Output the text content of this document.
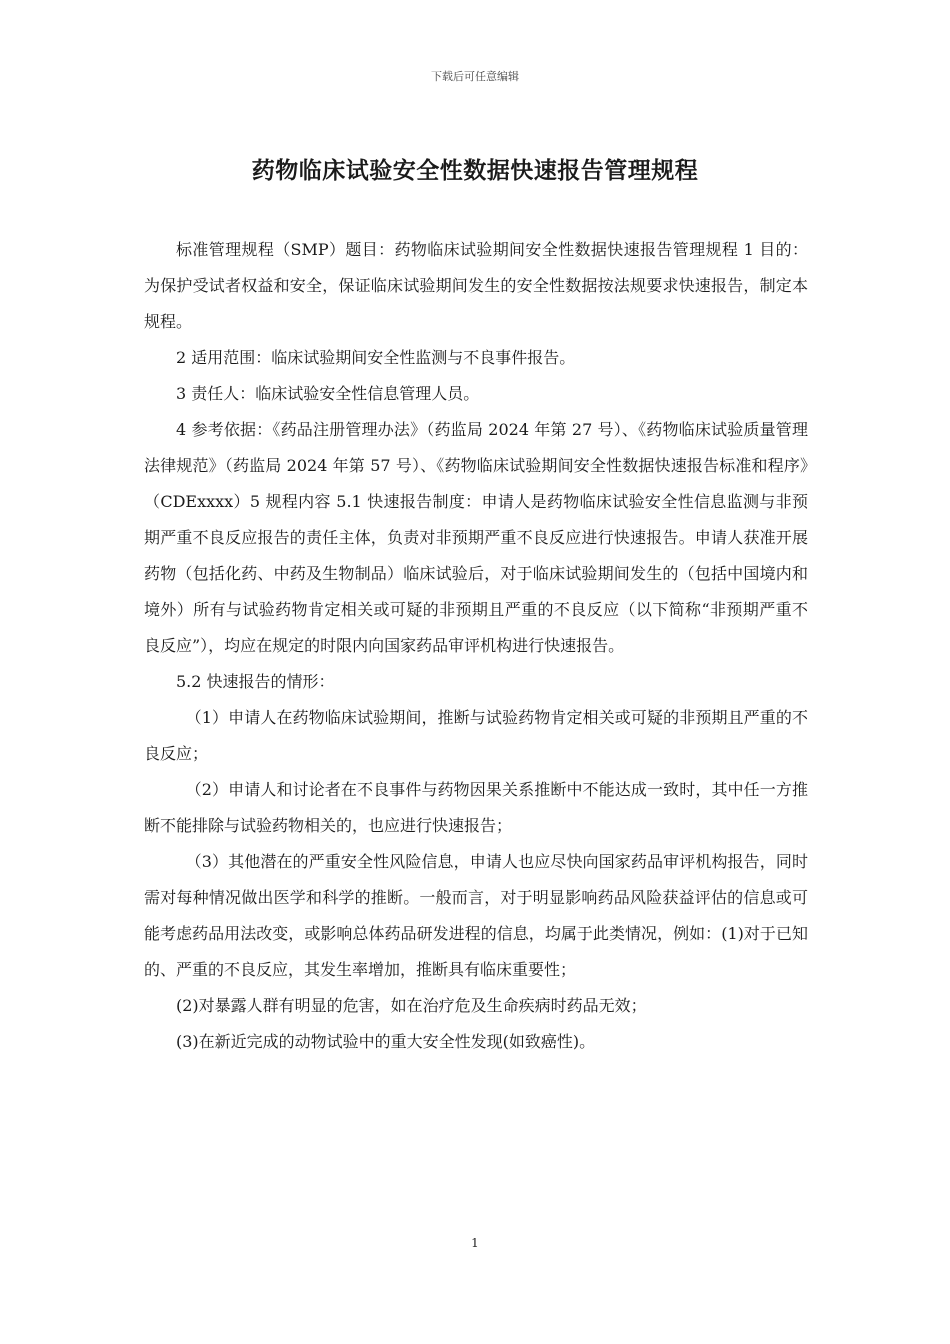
下载后可任意编辑
药物临床试验安全性数据快速报告管理规程

标准管理规程（SMP）题目：药物临床试验期间安全性数据快速报告管理规程 1 目的：为保护受试者权益和安全，保证临床试验期间发生的安全性数据按法规要求快速报告，制定本规程。

2 适用范围：临床试验期间安全性监测与不良事件报告。

3 责任人：临床试验安全性信息管理人员。

4 参考依据：《药品注册管理办法》（药监局 2024 年第 27 号）、《药物临床试验质量管理法律规范》（药监局 2024 年第 57 号）、《药物临床试验期间安全性数据快速报告标准和程序》（CDExxxx）5 规程内容 5.1 快速报告制度：申请人是药物临床试验安全性信息监测与非预期严重不良反应报告的责任主体，负责对非预期严重不良反应进行快速报告。申请人获准开展药物（包括化药、中药及生物制品）临床试验后，对于临床试验期间发生的（包括中国境内和境外）所有与试验药物肯定相关或可疑的非预期且严重的不良反应（以下简称“非预期严重不良反应”），均应在规定的时限内向国家药品审评机构进行快速报告。

5.2 快速报告的情形：

（1）申请人在药物临床试验期间，推断与试验药物肯定相关或可疑的非预期且严重的不良反应；

（2）申请人和讨论者在不良事件与药物因果关系推断中不能达成一致时，其中任一方推断不能排除与试验药物相关的，也应进行快速报告；

（3）其他潜在的严重安全性风险信息，申请人也应尽快向国家药品审评机构报告，同时需对每种情况做出医学和科学的推断。一般而言，对于明显影响药品风险获益评估的信息或可能考虑药品用法改变，或影响总体药品研发进程的信息，均属于此类情况，例如：(1)对于已知的、严重的不良反应，其发生率增加，推断具有临床重要性；

(2)对暴露人群有明显的危害，如在治疗危及生命疾病时药品无效；

(3)在新近完成的动物试验中的重大安全性发现(如致癌性)。

1
